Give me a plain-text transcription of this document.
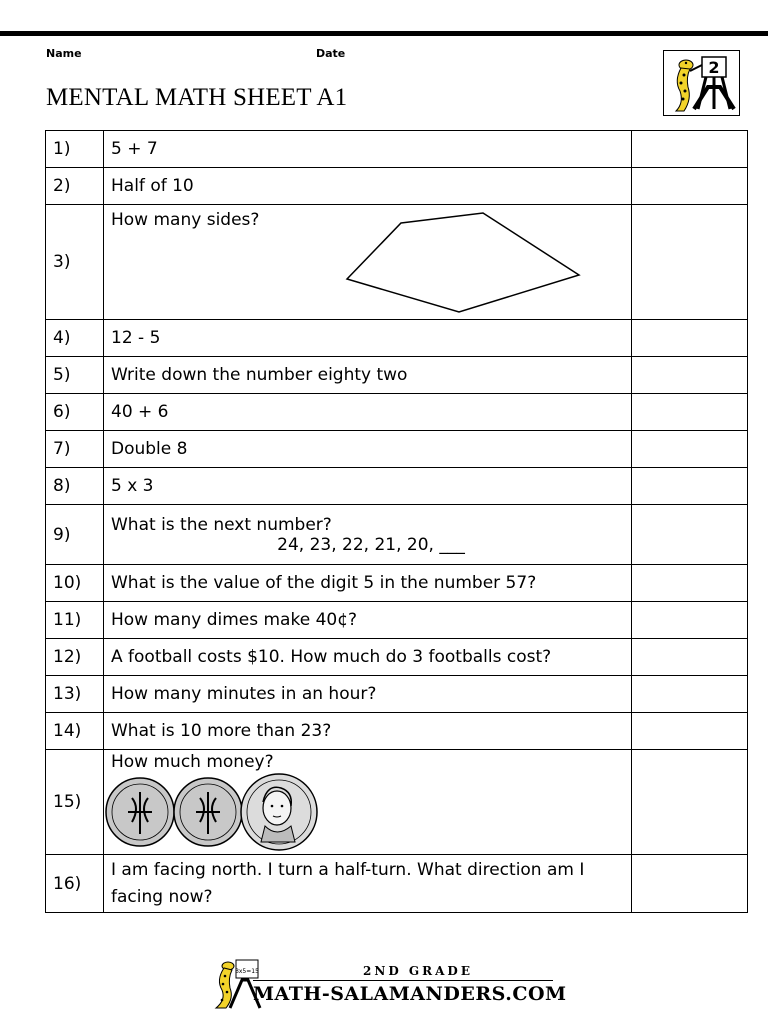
Name	Date
MENTAL MATH SHEET A1
2
1)	5 + 7	
2)	Half of 10	
3)	How many sides?	

4)	12 - 5	
5)	Write down the number eighty two	
6)	40 + 6	
7)	Double 8	
8)	5 x 3	
9)	What is the next number?
24, 23, 22, 21, 20, ___	

10)	What is the value of the digit 5 in the number 57?	
11)	How many dimes make 40¢?	
12)	A football costs $10. How much do 3 footballs cost?	
13)	How many minutes in an hour?	
14)	What is 10 more than 23?	
15)	How much money?	

16)	I am facing north. I turn a half-turn. What direction am I facing now?	
3x5=15	2ND GRADE
MATH-SALAMANDERS.COM
